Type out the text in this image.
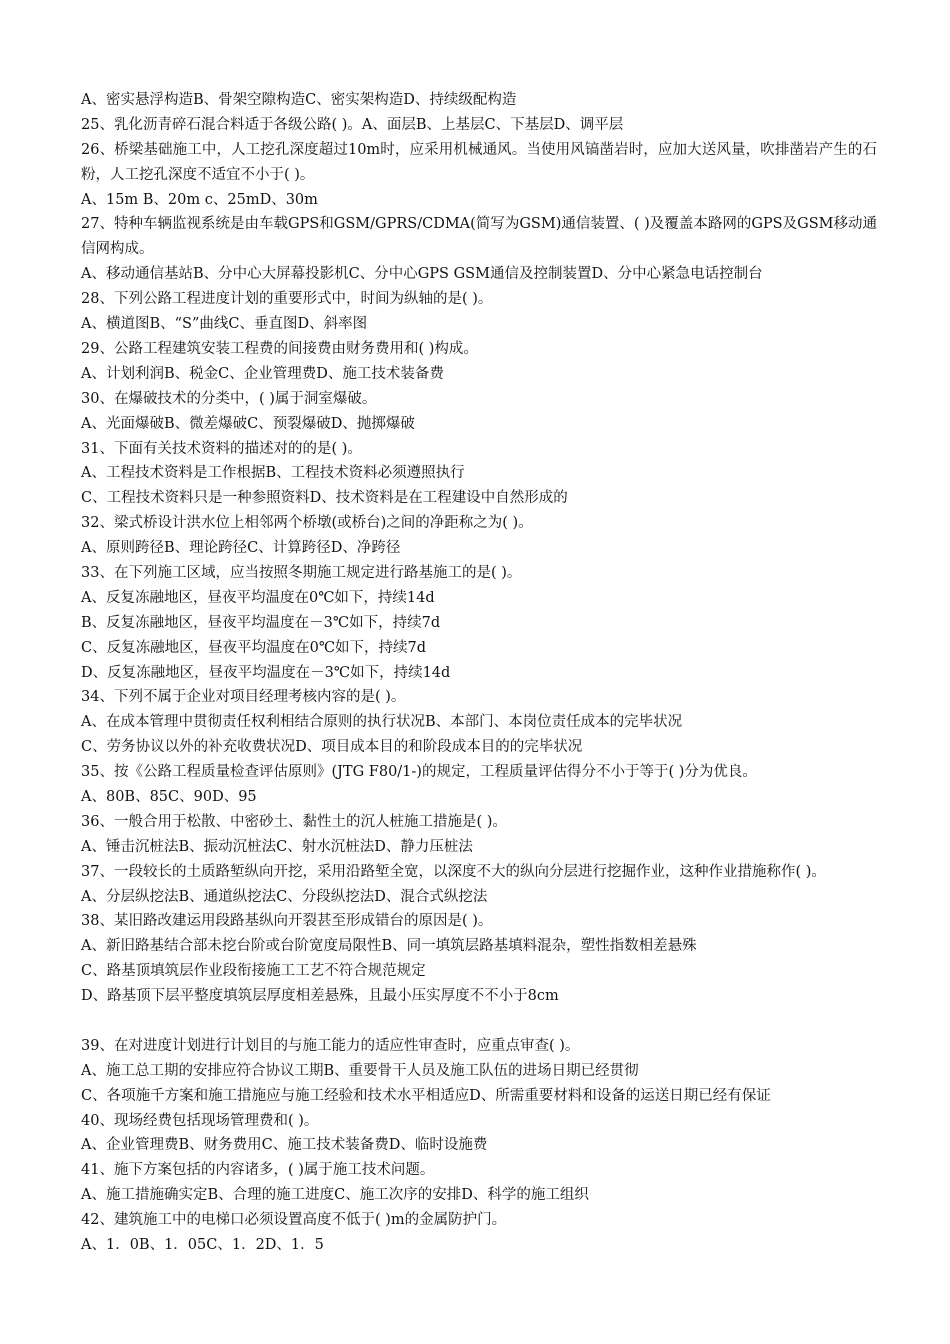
A、密实悬浮构造B、骨架空隙构造C、密实架构造D、持续级配构造
25、乳化沥青碎石混合料适于各级公路( )。A、面层B、上基层C、下基层D、调平层
26、桥梁基础施工中，人工挖孔深度超过10m时，应采用机械通风。当使用风镐凿岩时，应加大送风量，吹排凿岩产生的石粉，人工挖孔深度不适宜不小于( )。
A、15m B、20m c、25mD、30m
27、特种车辆监视系统是由车载GPS和GSM/GPRS/CDMA(简写为GSM)通信装置、( )及覆盖本路网的GPS及GSM移动通信网构成。
A、移动通信基站B、分中心大屏幕投影机C、分中心GPS GSM通信及控制装置D、分中心紧急电话控制台
28、下列公路工程进度计划的重要形式中，时间为纵轴的是( )。
A、横道图B、“S”曲线C、垂直图D、斜率图
29、公路工程建筑安装工程费的间接费由财务费用和( )构成。
A、计划利润B、税金C、企业管理费D、施工技术装备费
30、在爆破技术的分类中，( )属于洞室爆破。
A、光面爆破B、微差爆破C、预裂爆破D、抛掷爆破
31、下面有关技术资料的描述对的的是( )。
A、工程技术资料是工作根据B、工程技术资料必须遵照执行
C、工程技术资料只是一种参照资料D、技术资料是在工程建设中自然形成的
32、梁式桥设计洪水位上相邻两个桥墩(或桥台)之间的净距称之为( )。
A、原则跨径B、理论跨径C、计算跨径D、净跨径
33、在下列施工区域，应当按照冬期施工规定进行路基施工的是( )。
A、反复冻融地区，昼夜平均温度在0℃如下，持续14d
B、反复冻融地区，昼夜平均温度在－3℃如下，持续7d
C、反复冻融地区，昼夜平均温度在0℃如下，持续7d
D、反复冻融地区，昼夜平均温度在－3℃如下，持续14d
34、下列不属于企业对项目经理考核内容的是( )。
A、在成本管理中贯彻责任权利相结合原则的执行状况B、本部门、本岗位责任成本的完毕状况
C、劳务协议以外的补充收费状况D、项目成本目的和阶段成本目的的完毕状况
35、按《公路工程质量检查评估原则》(JTG F80/1-)的规定，工程质量评估得分不小于等于( )分为优良。
A、80B、85C、90D、95
36、一般合用于松散、中密砂土、黏性土的沉人桩施工措施是( )。
A、锤击沉桩法B、振动沉桩法C、射水沉桩法D、静力压桩法
37、一段较长的土质路堑纵向开挖，采用沿路堑全宽，以深度不大的纵向分层进行挖掘作业，这种作业措施称作( )。
A、分层纵挖法B、通道纵挖法C、分段纵挖法D、混合式纵挖法
38、某旧路改建运用段路基纵向开裂甚至形成错台的原因是( )。
A、新旧路基结合部未挖台阶或台阶宽度局限性B、同一填筑层路基填料混杂，塑性指数相差悬殊
C、路基顶填筑层作业段衔接施工工艺不符合规范规定
D、路基顶下层平整度填筑层厚度相差悬殊，且最小压实厚度不不小于8cm
39、在对进度计划进行计划目的与施工能力的适应性审查时，应重点审查( )。
A、施工总工期的安排应符合协议工期B、重要骨干人员及施工队伍的进场日期已经贯彻
C、各项施千方案和施工措施应与施工经验和技术水平相适应D、所需重要材料和设备的运送日期已经有保证
40、现场经费包括现场管理费和( )。
A、企业管理费B、财务费用C、施工技术装备费D、临时设施费
41、施下方案包括的内容诸多，( )属于施工技术问题。
A、施工措施确实定B、合理的施工进度C、施工次序的安排D、科学的施工组织
42、建筑施工中的电梯口必须设置高度不低于( )m的金属防护门。
A、1．0B、1．05C、1．2D、1．5
